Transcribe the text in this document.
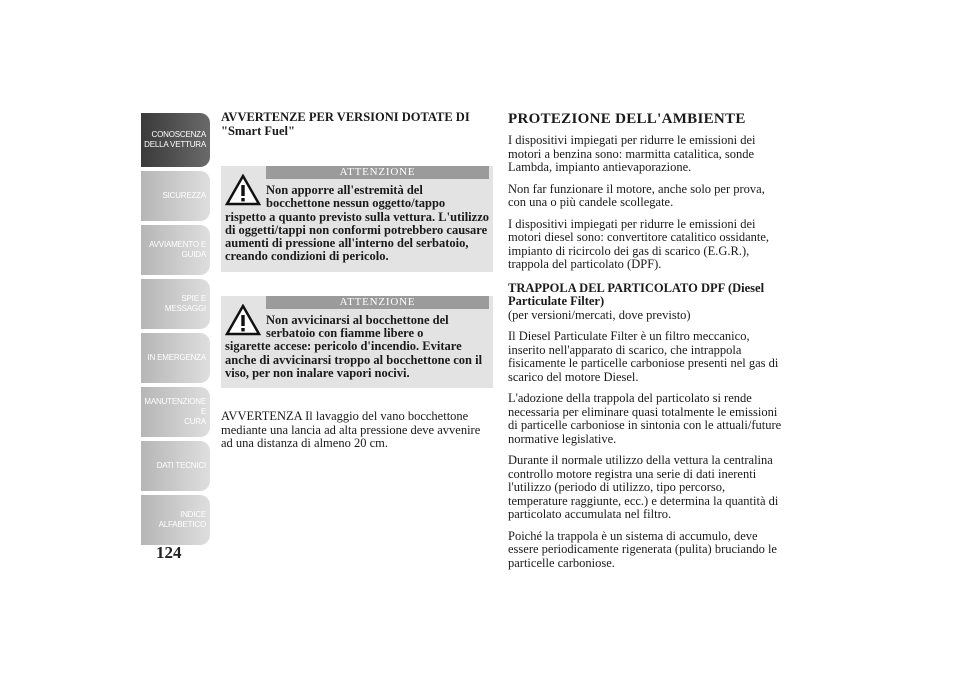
CONOSCENZA
DELLA VETTURA
SICUREZZA
AVVIAMENTO E
GUIDA
SPIE E MESSAGGI
IN EMERGENZA
MANUTENZIONE E
CURA
DATI TECNICI
INDICE
ALFABETICO
124
AVVERTENZE PER VERSIONI DOTATE DI "Smart Fuel"
ATTENZIONE
Non apporre all'estremità del bocchettone nessun oggetto/tappo
rispetto a quanto previsto sulla vettura. L'utilizzo di oggetti/tappi non conformi potrebbero causare aumenti di pressione all'interno del serbatoio, creando condizioni di pericolo.
ATTENZIONE
Non avvicinarsi al bocchettone del serbatoio con fiamme libere o
sigarette accese: pericolo d'incendio. Evitare anche di avvicinarsi troppo al bocchettone con il viso, per non inalare vapori nocivi.

AVVERTENZA Il lavaggio del vano bocchettone mediante una lancia ad alta pressione deve avvenire ad una distanza di almeno 20 cm.

PROTEZIONE DELL'AMBIENTE

I dispositivi impiegati per ridurre le emissioni dei motori a benzina sono: marmitta catalitica, sonde Lambda, impianto antievaporazione.

Non far funzionare il motore, anche solo per prova, con una o più candele scollegate.

I dispositivi impiegati per ridurre le emissioni dei motori diesel sono: convertitore catalitico ossidante, impianto di ricircolo dei gas di scarico (E.G.R.), trappola del particolato (DPF).

TRAPPOLA DEL PARTICOLATO DPF (Diesel Particulate Filter)

(per versioni/mercati, dove previsto)

Il Diesel Particulate Filter è un filtro meccanico, inserito nell'apparato di scarico, che intrappola fisicamente le particelle carboniose presenti nel gas di scarico del motore Diesel.

L'adozione della trappola del particolato si rende necessaria per eliminare quasi totalmente le emissioni di particelle carboniose in sintonia con le attuali/future normative legislative.

Durante il normale utilizzo della vettura la centralina controllo motore registra una serie di dati inerenti l'utilizzo (periodo di utilizzo, tipo percorso, temperature raggiunte, ecc.) e determina la quantità di particolato accumulata nel filtro.

Poiché la trappola è un sistema di accumulo, deve essere periodicamente rigenerata (pulita) bruciando le particelle carboniose.
